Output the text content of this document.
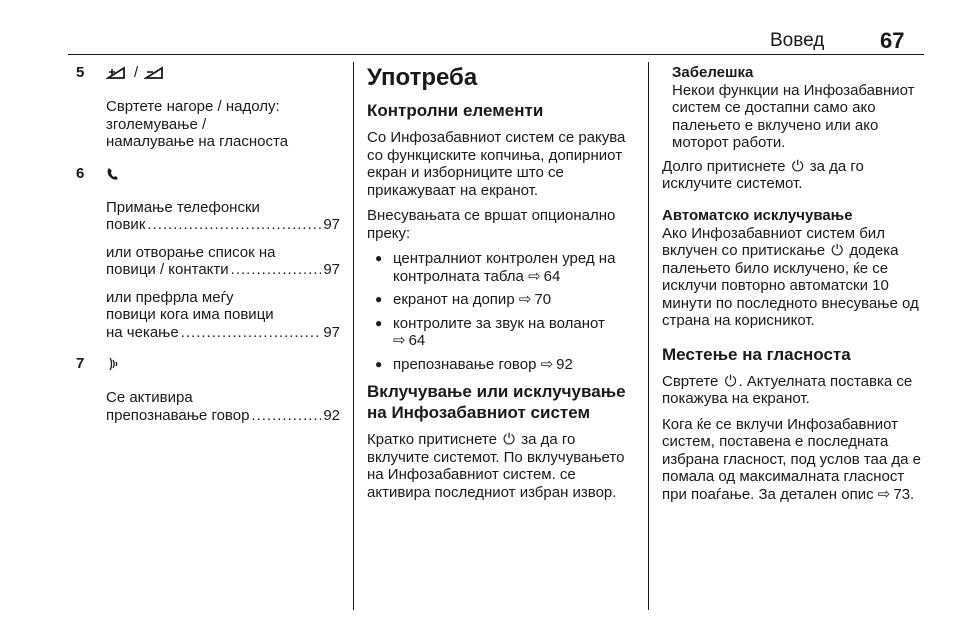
Вовед	67
5	/
Свртете нагоре / надолу:
зголемување /
намалување на гласноста
6
Примање телефонски
повик .....	97
или отворање список на
повици / контакти .....	97
или префрла меѓу
повици кога има повици
на чекање .....	97
7
Се активира
препознавање говор .....	92
Употреба
Контролни елементи

Со Инфозабавниот систем се ракува со функциските копчиња, допирниот екран и изборниците што се прикажуваат на екранот.

Внесувањата се вршат опционално преку:

● централниот контролен уред на контролната табла ⇨ 64
● екранот на допир ⇨ 70
● контролите за звук на воланот
⇨ 64
● препознавање говор ⇨ 92
Вклучување или исклучување на Инфозабавниот систем

Кратко притиснете ⏻ за да го вклучите системот. По вклучувањето на Инфозабавниот систем. се активира последниот избран извор.

Забелешка
Некои функции на Инфозабавниот систем се достапни само ако палењето е вклучено или ако моторот работи.

Долго притиснете ⏻ за да го исклучите системот.

Автоматско исклучување

Ако Инфозабавниот систем бил вклучен со притискање ⏻ додека палењето било исклучено, ќе се исклучи повторно автоматски 10 минути по последното внесување од страна на корисникот.

Местење на гласноста

Свртете ⏻ . Актуелната поставка се покажува на екранот.

Кога ќе се вклучи Инфозабавниот систем, поставена е последната избрана гласност, под услов таа да е помала од максималната гласност при поаѓање. За детален опис ⇨ 73.
